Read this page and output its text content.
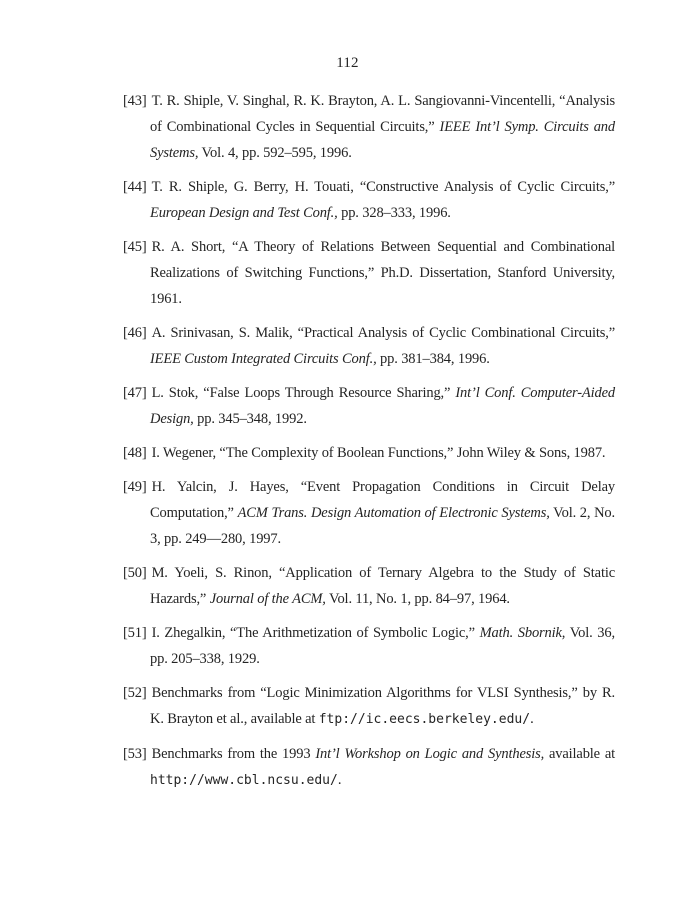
112

[43] T. R. Shiple, V. Singhal, R. K. Brayton, A. L. Sangiovanni-Vincentelli, “Analysis of Combinational Cycles in Sequential Circuits,” IEEE Int’l Symp. Circuits and Systems, Vol. 4, pp. 592–595, 1996.

[44] T. R. Shiple, G. Berry, H. Touati, “Constructive Analysis of Cyclic Circuits,” European Design and Test Conf., pp. 328–333, 1996.

[45] R. A. Short, “A Theory of Relations Between Sequential and Combinational Realizations of Switching Functions,” Ph.D. Dissertation, Stanford University, 1961.

[46] A. Srinivasan, S. Malik, “Practical Analysis of Cyclic Combinational Circuits,” IEEE Custom Integrated Circuits Conf., pp. 381–384, 1996.

[47] L. Stok, “False Loops Through Resource Sharing,” Int’l Conf. Computer-Aided Design, pp. 345–348, 1992.

[48] I. Wegener, “The Complexity of Boolean Functions,” John Wiley & Sons, 1987.

[49] H. Yalcin, J. Hayes, “Event Propagation Conditions in Circuit Delay Computation,” ACM Trans. Design Automation of Electronic Systems, Vol. 2, No. 3, pp. 249—280, 1997.

[50] M. Yoeli, S. Rinon, “Application of Ternary Algebra to the Study of Static Hazards,” Journal of the ACM, Vol. 11, No. 1, pp. 84–97, 1964.

[51] I. Zhegalkin, “The Arithmetization of Symbolic Logic,” Math. Sbornik, Vol. 36, pp. 205–338, 1929.

[52] Benchmarks from “Logic Minimization Algorithms for VLSI Synthesis,” by R. K. Brayton et al., available at ftp://ic.eecs.berkeley.edu/.

[53] Benchmarks from the 1993 Int’l Workshop on Logic and Synthesis, available at http://www.cbl.ncsu.edu/.
